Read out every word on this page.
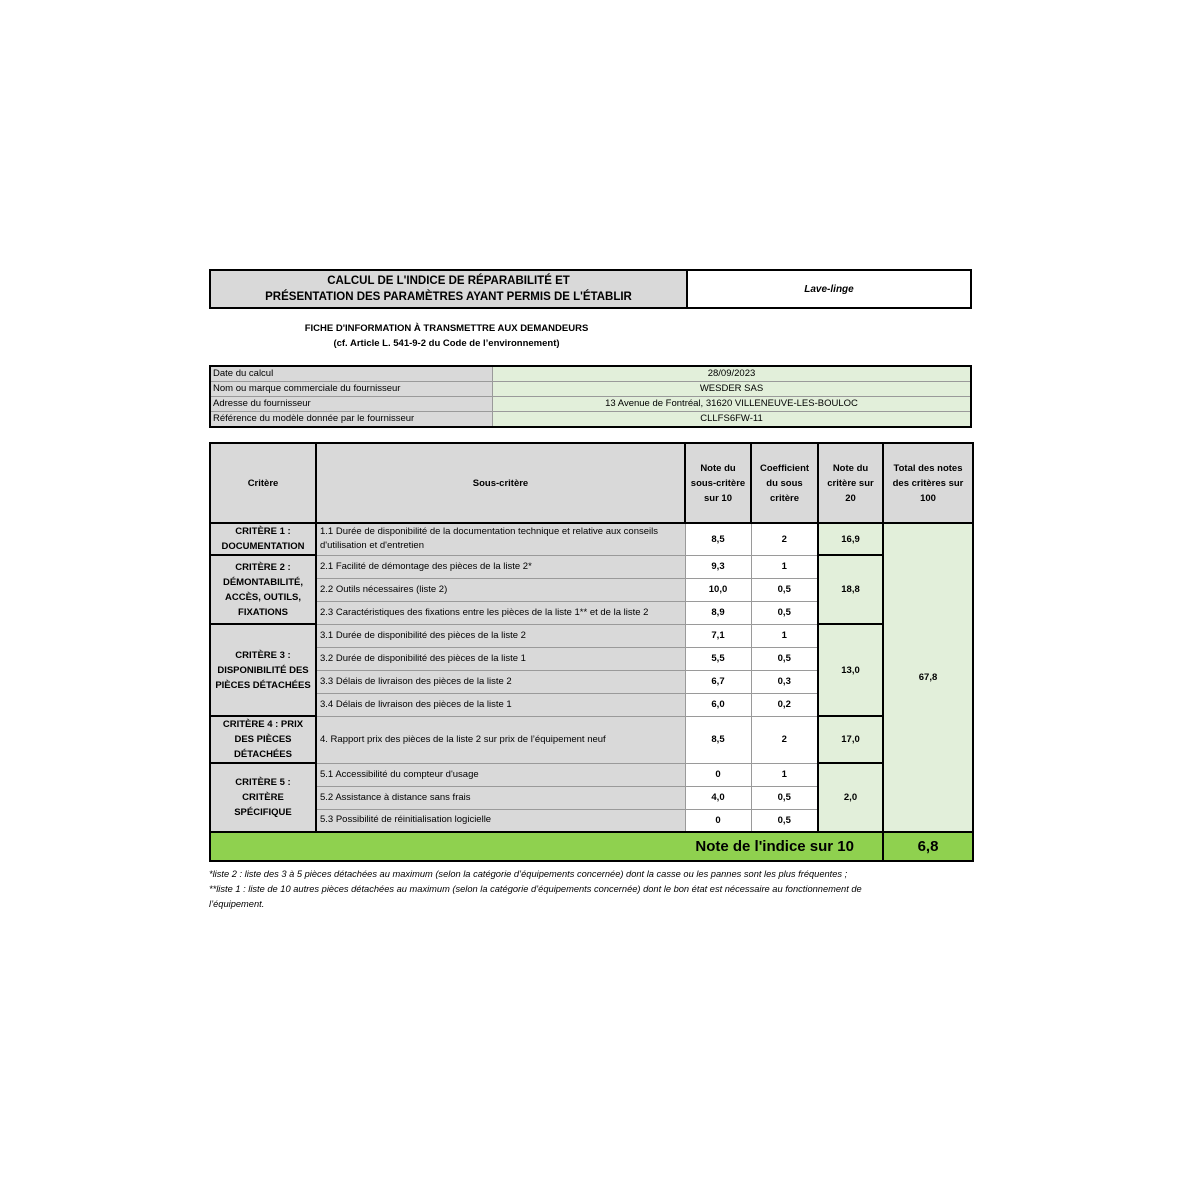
CALCUL DE L'INDICE DE RÉPARABILITÉ ET
PRÉSENTATION DES PARAMÈTRES AYANT PERMIS DE L'ÉTABLIR
Lave-linge
FICHE D'INFORMATION À TRANSMETTRE AUX DEMANDEURS
(cf. Article L. 541-9-2 du Code de l’environnement)
Date du calcul	28/09/2023
Nom ou marque commerciale du fournisseur	WESDER SAS
Adresse du fournisseur	13 Avenue de Fontréal, 31620 VILLENEUVE-LES-BOULOC
Référence du modèle donnée par le fournisseur	CLLFS6FW-11
Critère	Sous-critère	Note du sous-critère sur 10	Coefficient du sous critère	Note du critère sur 20	Total des notes des critères sur 100
CRITÈRE 1 : DOCUMENTATION	1.1 Durée de disponibilité de la documentation technique et relative aux conseils d'utilisation et d'entretien	8,5	2	16,9	67,8
CRITÈRE 2 : DÉMONTABILITÉ, ACCÈS, OUTILS, FIXATIONS	2.1 Facilité de démontage des pièces de la liste 2*	9,3	1	18,8	
	2.2 Outils nécessaires (liste 2)	10,0	0,5		
	2.3 Caractéristiques des fixations entre les pièces de la liste 1** et de la liste 2	8,9	0,5		
CRITÈRE 3 : DISPONIBILITÉ DES PIÈCES DÉTACHÉES	3.1 Durée de disponibilité des pièces de la liste 2	7,1	1	13,0	
	3.2 Durée de disponibilité des pièces de la liste 1	5,5	0,5		
	3.3 Délais de livraison des pièces de la liste 2	6,7	0,3		
	3.4 Délais de livraison des pièces de la liste 1	6,0	0,2		
CRITÈRE 4 : PRIX DES PIÈCES DÉTACHÉES	4. Rapport prix des pièces de la liste 2 sur prix de l’équipement neuf	8,5	2	17,0	
CRITÈRE 5 : CRITÈRE SPÉCIFIQUE	5.1 Accessibilité du compteur d'usage	0	1	2,0	
	5.2 Assistance à distance sans frais	4,0	0,5		
	5.3 Possibilité de réinitialisation logicielle	0	0,5		
Note de l'indice sur 10					6,8
*liste 2 : liste des 3 à 5 pièces détachées au maximum (selon la catégorie d’équipements concernée) dont la casse ou les pannes sont les plus fréquentes ;
**liste 1 : liste de 10 autres pièces détachées au maximum (selon la catégorie d’équipements concernée) dont le bon état est nécessaire au fonctionnement de
l’équipement.
